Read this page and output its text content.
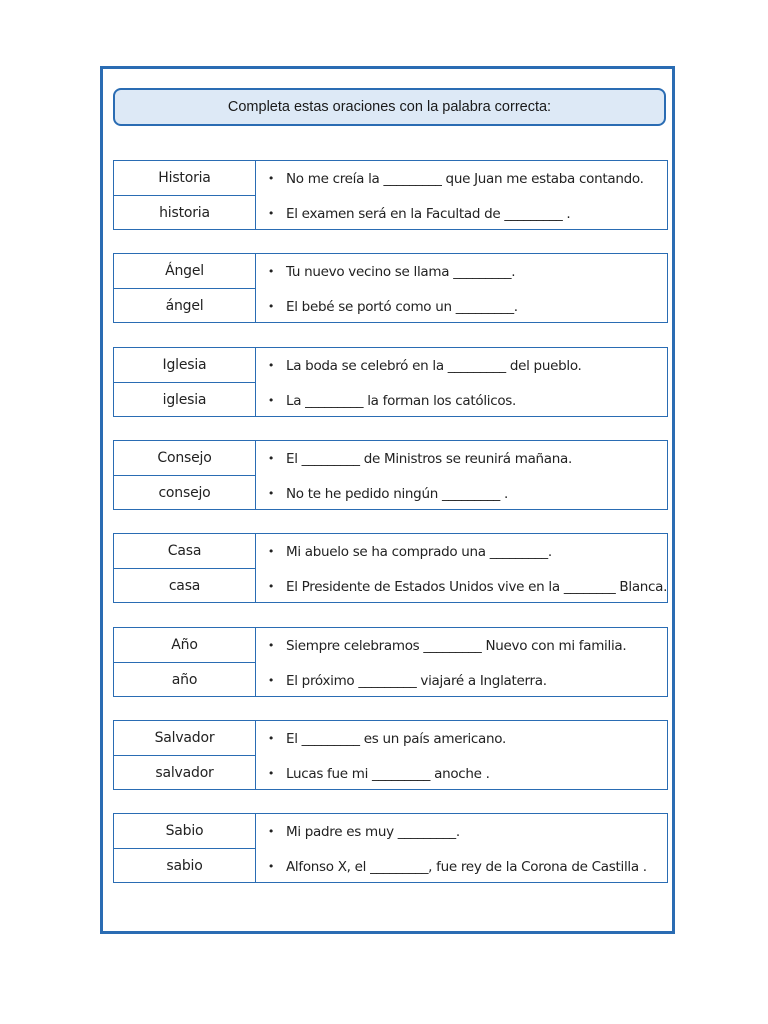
Completa estas oraciones con la palabra correcta:
Historia
historia
• No me creía la _________ que Juan me estaba contando.
• El examen será en la Facultad de _________ .
Ángel
ángel
• Tu nuevo vecino se llama _________.
• El bebé se portó como un _________.
Iglesia
iglesia
• La boda se celebró en la _________ del pueblo.
• La _________ la forman los católicos.
Consejo
consejo
• El _________ de Ministros se reunirá mañana.
• No te he pedido ningún _________ .
Casa
casa
• Mi abuelo se ha comprado una _________.
• El Presidente de Estados Unidos vive en la ________ Blanca.
Año
año
• Siempre celebramos _________ Nuevo con mi familia.
• El próximo _________ viajaré a Inglaterra.
Salvador
salvador
• El _________ es un país americano.
• Lucas fue mi _________ anoche .
Sabio
sabio
• Mi padre es muy _________.
• Alfonso X, el _________, fue rey de la Corona de Castilla .
